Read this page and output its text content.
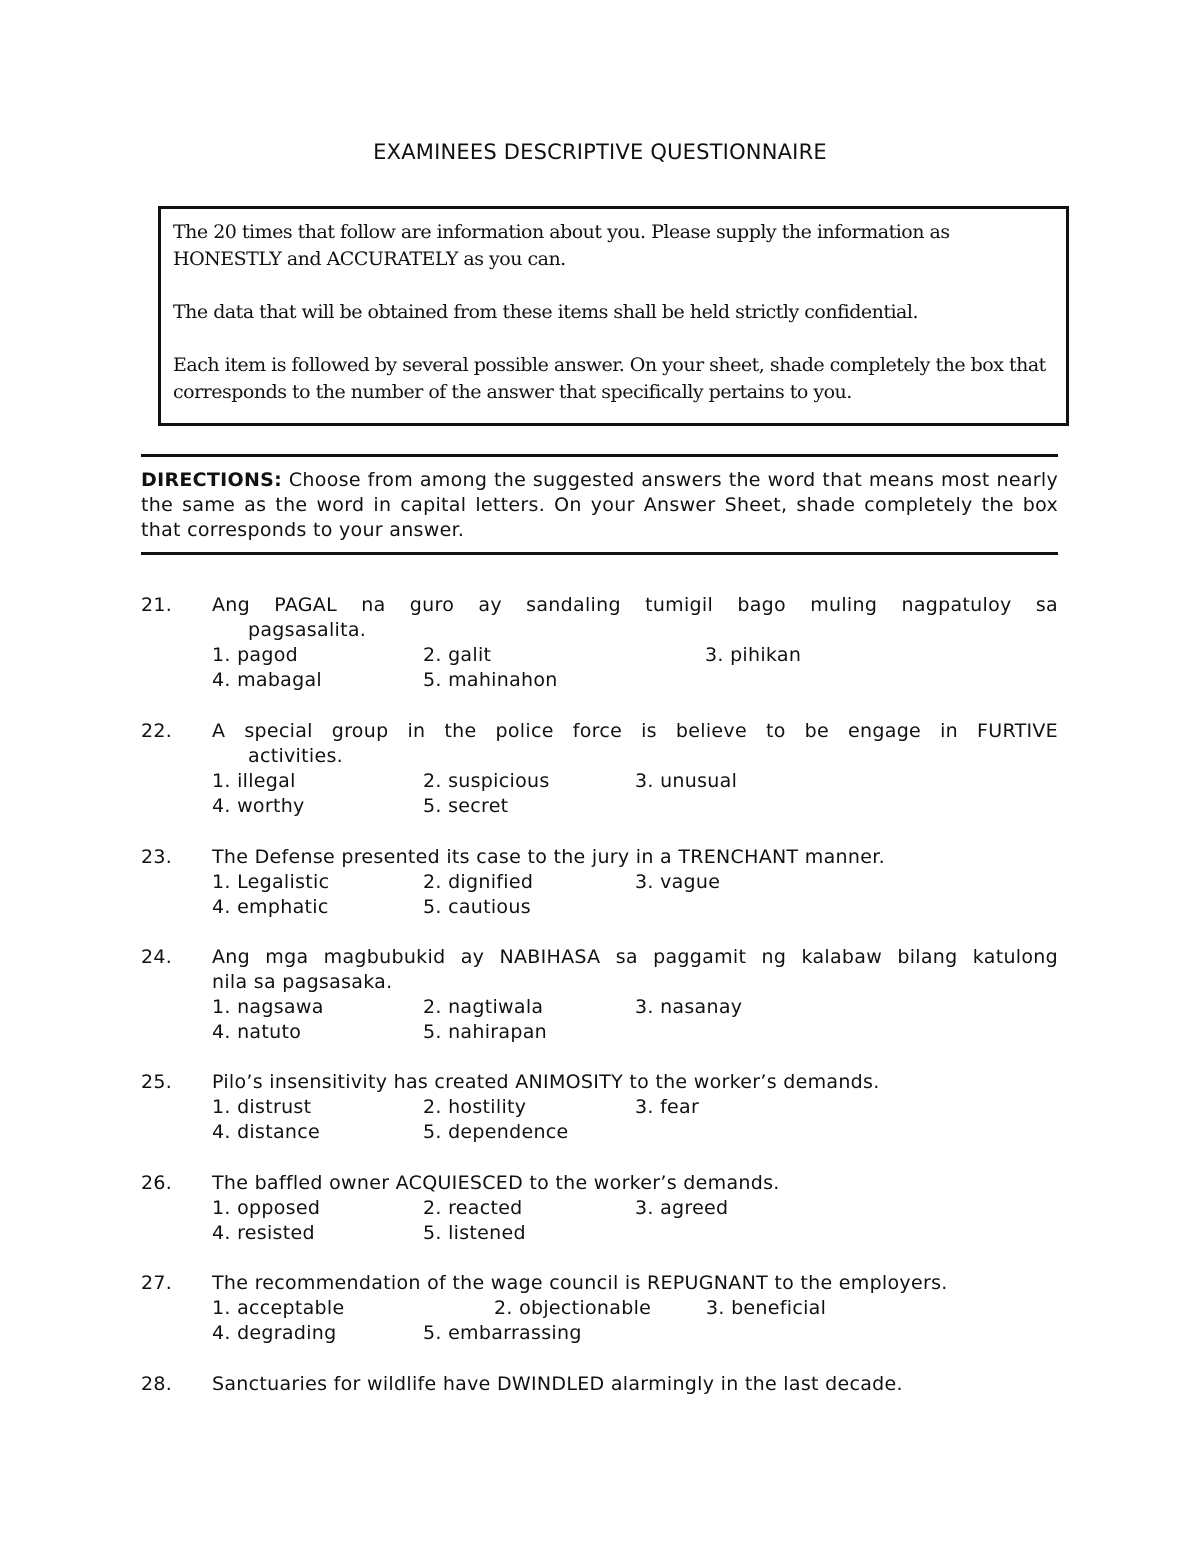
EXAMINEES DESCRIPTIVE QUESTIONNAIRE

The 20 times that follow are information about you. Please supply the information as HONESTLY and ACCURATELY as you can.

The data that will be obtained from these items shall be held strictly confidential.

Each item is followed by several possible answer. On your sheet, shade completely the box that corresponds to the number of the answer that specifically pertains to you.

DIRECTIONS: Choose from among the suggested answers the word that means most nearly the same as the word in capital letters. On your Answer Sheet, shade completely the box that corresponds to your answer.
21. Ang PAGAL na guro ay sandaling tumigil bago muling nagpatuloy sa
pagsasalita.
1. pagod	2. galit	3. pihikan
4. mabagal	5. mahinahon
22. A special group in the police force is believe to be engage in FURTIVE
activities.
1. illegal	2. suspicious	3. unusual
4. worthy	5. secret
23. The Defense presented its case to the jury in a TRENCHANT manner.
1. Legalistic	2. dignified	3. vague
4. emphatic	5. cautious
24. Ang mga magbubukid ay NABIHASA sa paggamit ng kalabaw bilang katulong
nila sa pagsasaka.
1. nagsawa	2. nagtiwala	3. nasanay
4. natuto	5. nahirapan
25. Pilo’s insensitivity has created ANIMOSITY to the worker’s demands.
1. distrust	2. hostility	3. fear
4. distance	5. dependence
26. The baffled owner ACQUIESCED to the worker’s demands.
1. opposed	2. reacted	3. agreed
4. resisted	5. listened
27. The recommendation of the wage council is REPUGNANT to the employers.
1. acceptable	2. objectionable	3. beneficial
4. degrading	5. embarrassing
28. Sanctuaries for wildlife have DWINDLED alarmingly in the last decade.
